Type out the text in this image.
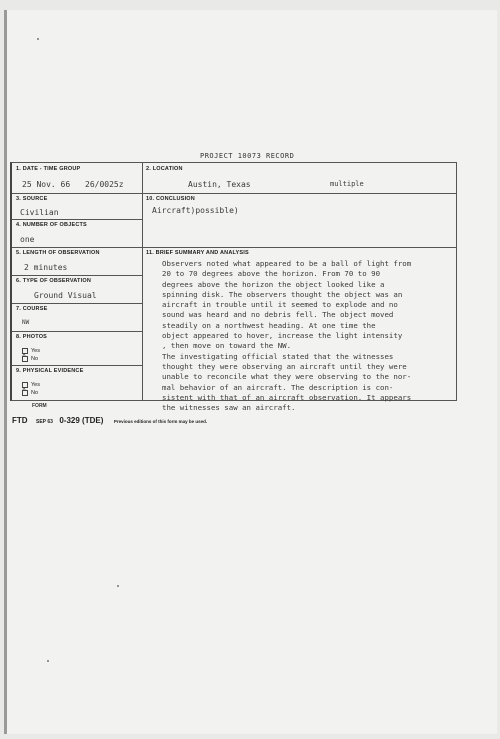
PROJECT 10073 RECORD
1. DATE - TIME GROUP
25 Nov. 66 26/0025z
2. LOCATION
Austin, Texas	multiple
3. SOURCE
Civilian
10. CONCLUSION
Aircraft)possible)
4. NUMBER OF OBJECTS
one
5. LENGTH OF OBSERVATION
2 minutes
11. BRIEF SUMMARY AND ANALYSIS
6. TYPE OF OBSERVATION
Ground Visual
7. COURSE
NW
8. PHOTOS
Yes
×No
9. PHYSICAL EVIDENCE
Yes
×No
Observers noted what appeared to be a ball of light from
20 to 70 degrees above the horizon. From 70 to 90
degrees above the horizon the object looked like a
spinning disk. The observers thought the object was an
aircraft in trouble until it seemed to explode and no
sound was heard and no debris fell. The object moved
steadily on a northwest heading. At one time the
object appeared to hover, increase the light intensity
, then move on toward the NW.
The investigating official stated that the witnesses
thought they were observing an aircraft until they were
unable to reconcile what they were observing to the nor-
mal behavior of an aircraft. The description is con-
sistent with that of an aircraft observation. It appears
the witnesses saw an aircraft.
FORM
FTD SEP 63 0-329 (TDE) Previous editions of this form may be used.
